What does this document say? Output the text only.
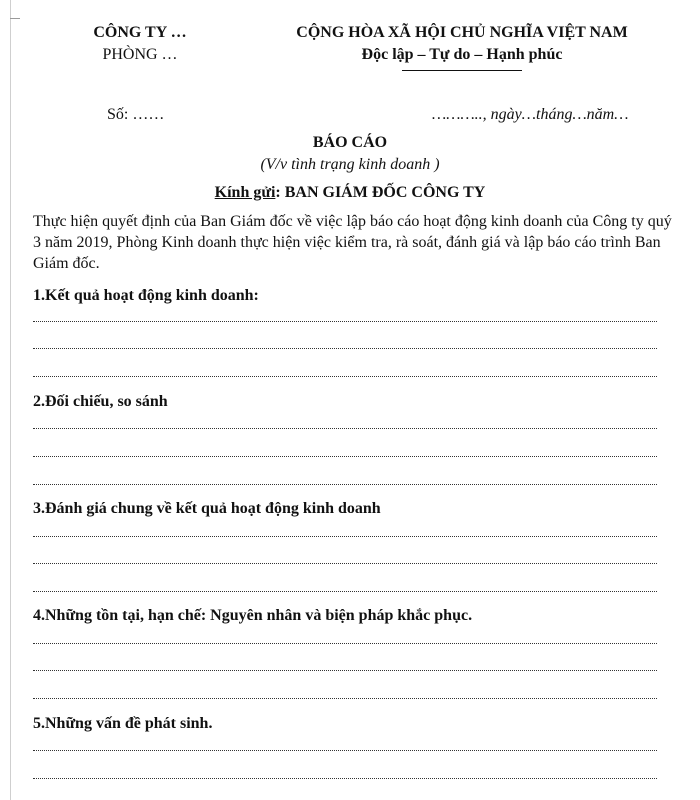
CÔNG TY …
PHÒNG …
CỘNG HÒA XÃ HỘI CHỦ NGHĨA VIỆT NAM
Độc lập – Tự do – Hạnh phúc
Số: ……	……….., ngày…tháng…năm…
BÁO CÁO
(V/v tình trạng kinh doanh )
Kính gửi: BAN GIÁM ĐỐC CÔNG TY
Thực hiện quyết định của Ban Giám đốc về việc lập báo cáo hoạt động kinh doanh của Công ty quý 3 năm 2019, Phòng Kinh doanh thực hiện việc kiểm tra, rà soát, đánh giá và lập báo cáo trình Ban Giám đốc.
1.Kết quả hoạt động kinh doanh:
2.Đối chiếu, so sánh
3.Đánh giá chung về kết quả hoạt động kinh doanh
4.Những tồn tại, hạn chế: Nguyên nhân và biện pháp khắc phục.
5.Những vấn đề phát sinh.
